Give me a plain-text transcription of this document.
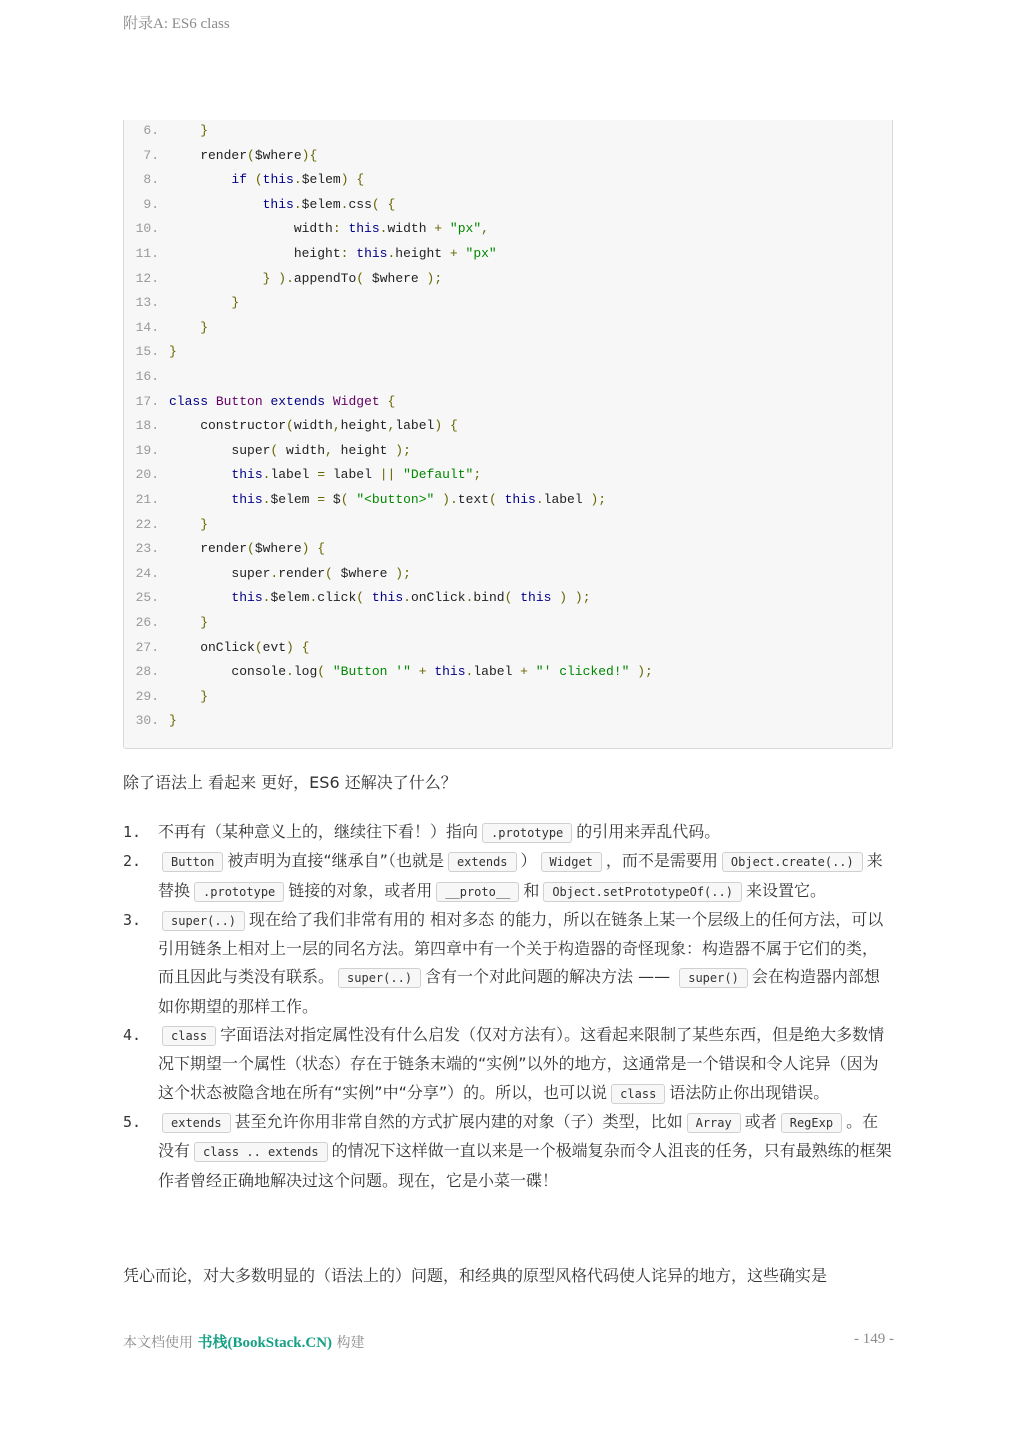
附录A: ES6 class
6.	}
7. render($where){
8.	if (this.$elem) {
9.	this.$elem.css( {
10. width: this.width + "px",
11. height: this.height + "px"
12.	} ).appendTo( $where );
13.	}
14.	}
15. }
16.
17. class Button extends Widget {
18. constructor(width,height,label) {
19. super( width, height );
20.	this.label = label || "Default";
21.	this.$elem = $( "<button>" ).text( this.label );
22.	}
23. render($where) {
24. super.render( $where );
25.	this.$elem.click( this.onClick.bind( this ) );
26.	}
27. onClick(evt) {
28. console.log( "Button '" + this.label + "' clicked!" );
29.	}
30. }
除了语法上 看起来 更好，ES6 还解决了什么？
1. 不再有（某种意义上的，继续往下看！）指向 .prototype 的引用来弄乱代码。
2. Button 被声明为直接“继承自”（也就是 extends ） Widget ，而不是需要用 Object.create(..) 来替换 .prototype 链接的对象，或者用 __proto__ 和 Object.setPrototypeOf(..) 来设置它。
3. super(..) 现在给了我们非常有用的 相对多态 的能力，所以在链条上某一个层级上的任何方法，可以引用链条上相对上一层的同名方法。第四章中有一个关于构造器的奇怪现象：构造器不属于它们的类，而且因此与类没有联系。 super(..) 含有一个对此问题的解决方法 —— super() 会在构造器内部想如你期望的那样工作。
4. class 字面语法对指定属性没有什么启发（仅对方法有）。这看起来限制了某些东西，但是绝大多数情况下期望一个属性（状态）存在于链条末端的“实例”以外的地方，这通常是一个错误和令人诧异（因为这个状态被隐含地在所有“实例”中“分享”）的。所以，也可以说 class 语法防止你出现错误。
5. extends 甚至允许你用非常自然的方式扩展内建的对象（子）类型，比如 Array 或者 RegExp 。在没有 class .. extends 的情况下这样做一直以来是一个极端复杂而令人沮丧的任务，只有最熟练的框架作者曾经正确地解决过这个问题。现在，它是小菜一碟！
凭心而论，对大多数明显的（语法上的）问题，和经典的原型风格代码使人诧异的地方，这些确实是
本文档使用 书栈(BookStack.CN) 构建	- 149 -
